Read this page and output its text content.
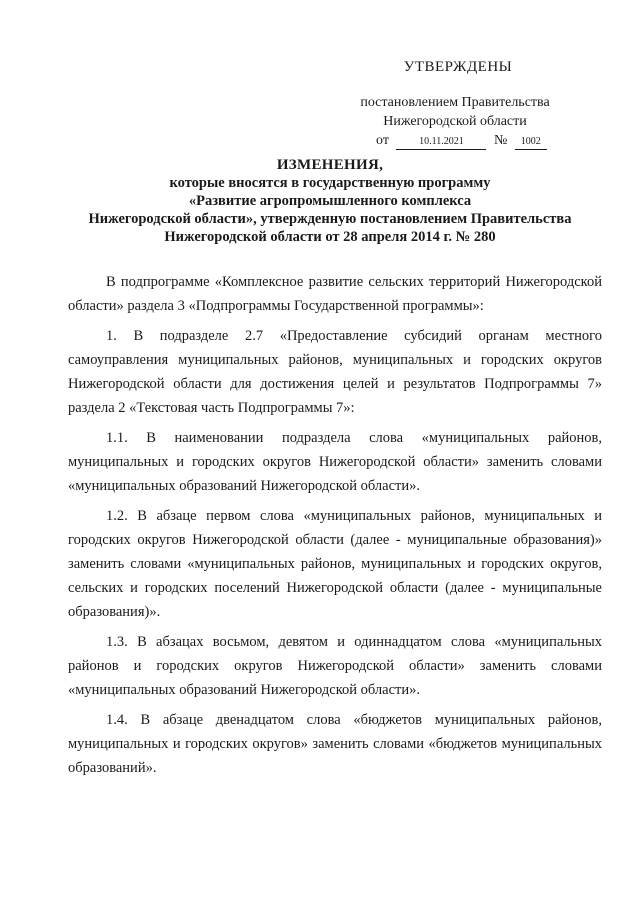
УТВЕРЖДЕНЫ
постановлением Правительства
Нижегородской области
от	10.11.2021 № 1002
ИЗМЕНЕНИЯ,
которые вносятся в государственную программу
«Развитие агропромышленного комплекса
Нижегородской области», утвержденную постановлением Правительства
Нижегородской области от 28 апреля 2014 г. № 280

В подпрограмме «Комплексное развитие сельских территорий Нижегородской области» раздела 3 «Подпрограммы Государственной программы»:

1. В подразделе 2.7 «Предоставление субсидий органам местного самоуправления муниципальных районов, муниципальных и городских округов Нижегородской области для достижения целей и результатов Подпрограммы 7» раздела 2 «Текстовая часть Подпрограммы 7»:

1.1. В наименовании подраздела слова «муниципальных районов, муниципальных и городских округов Нижегородской области» заменить словами «муниципальных образований Нижегородской области».

1.2. В абзаце первом слова «муниципальных районов, муниципальных и городских округов Нижегородской области (далее - муниципальные образования)» заменить словами «муниципальных районов, муниципальных и городских округов, сельских и городских поселений Нижегородской области (далее - муниципальные образования)».

1.3. В абзацах восьмом, девятом и одиннадцатом слова «муниципальных районов и городских округов Нижегородской области» заменить словами «муниципальных образований Нижегородской области».

1.4. В абзаце двенадцатом слова «бюджетов муниципальных районов, муниципальных и городских округов» заменить словами «бюджетов муниципальных образований».
